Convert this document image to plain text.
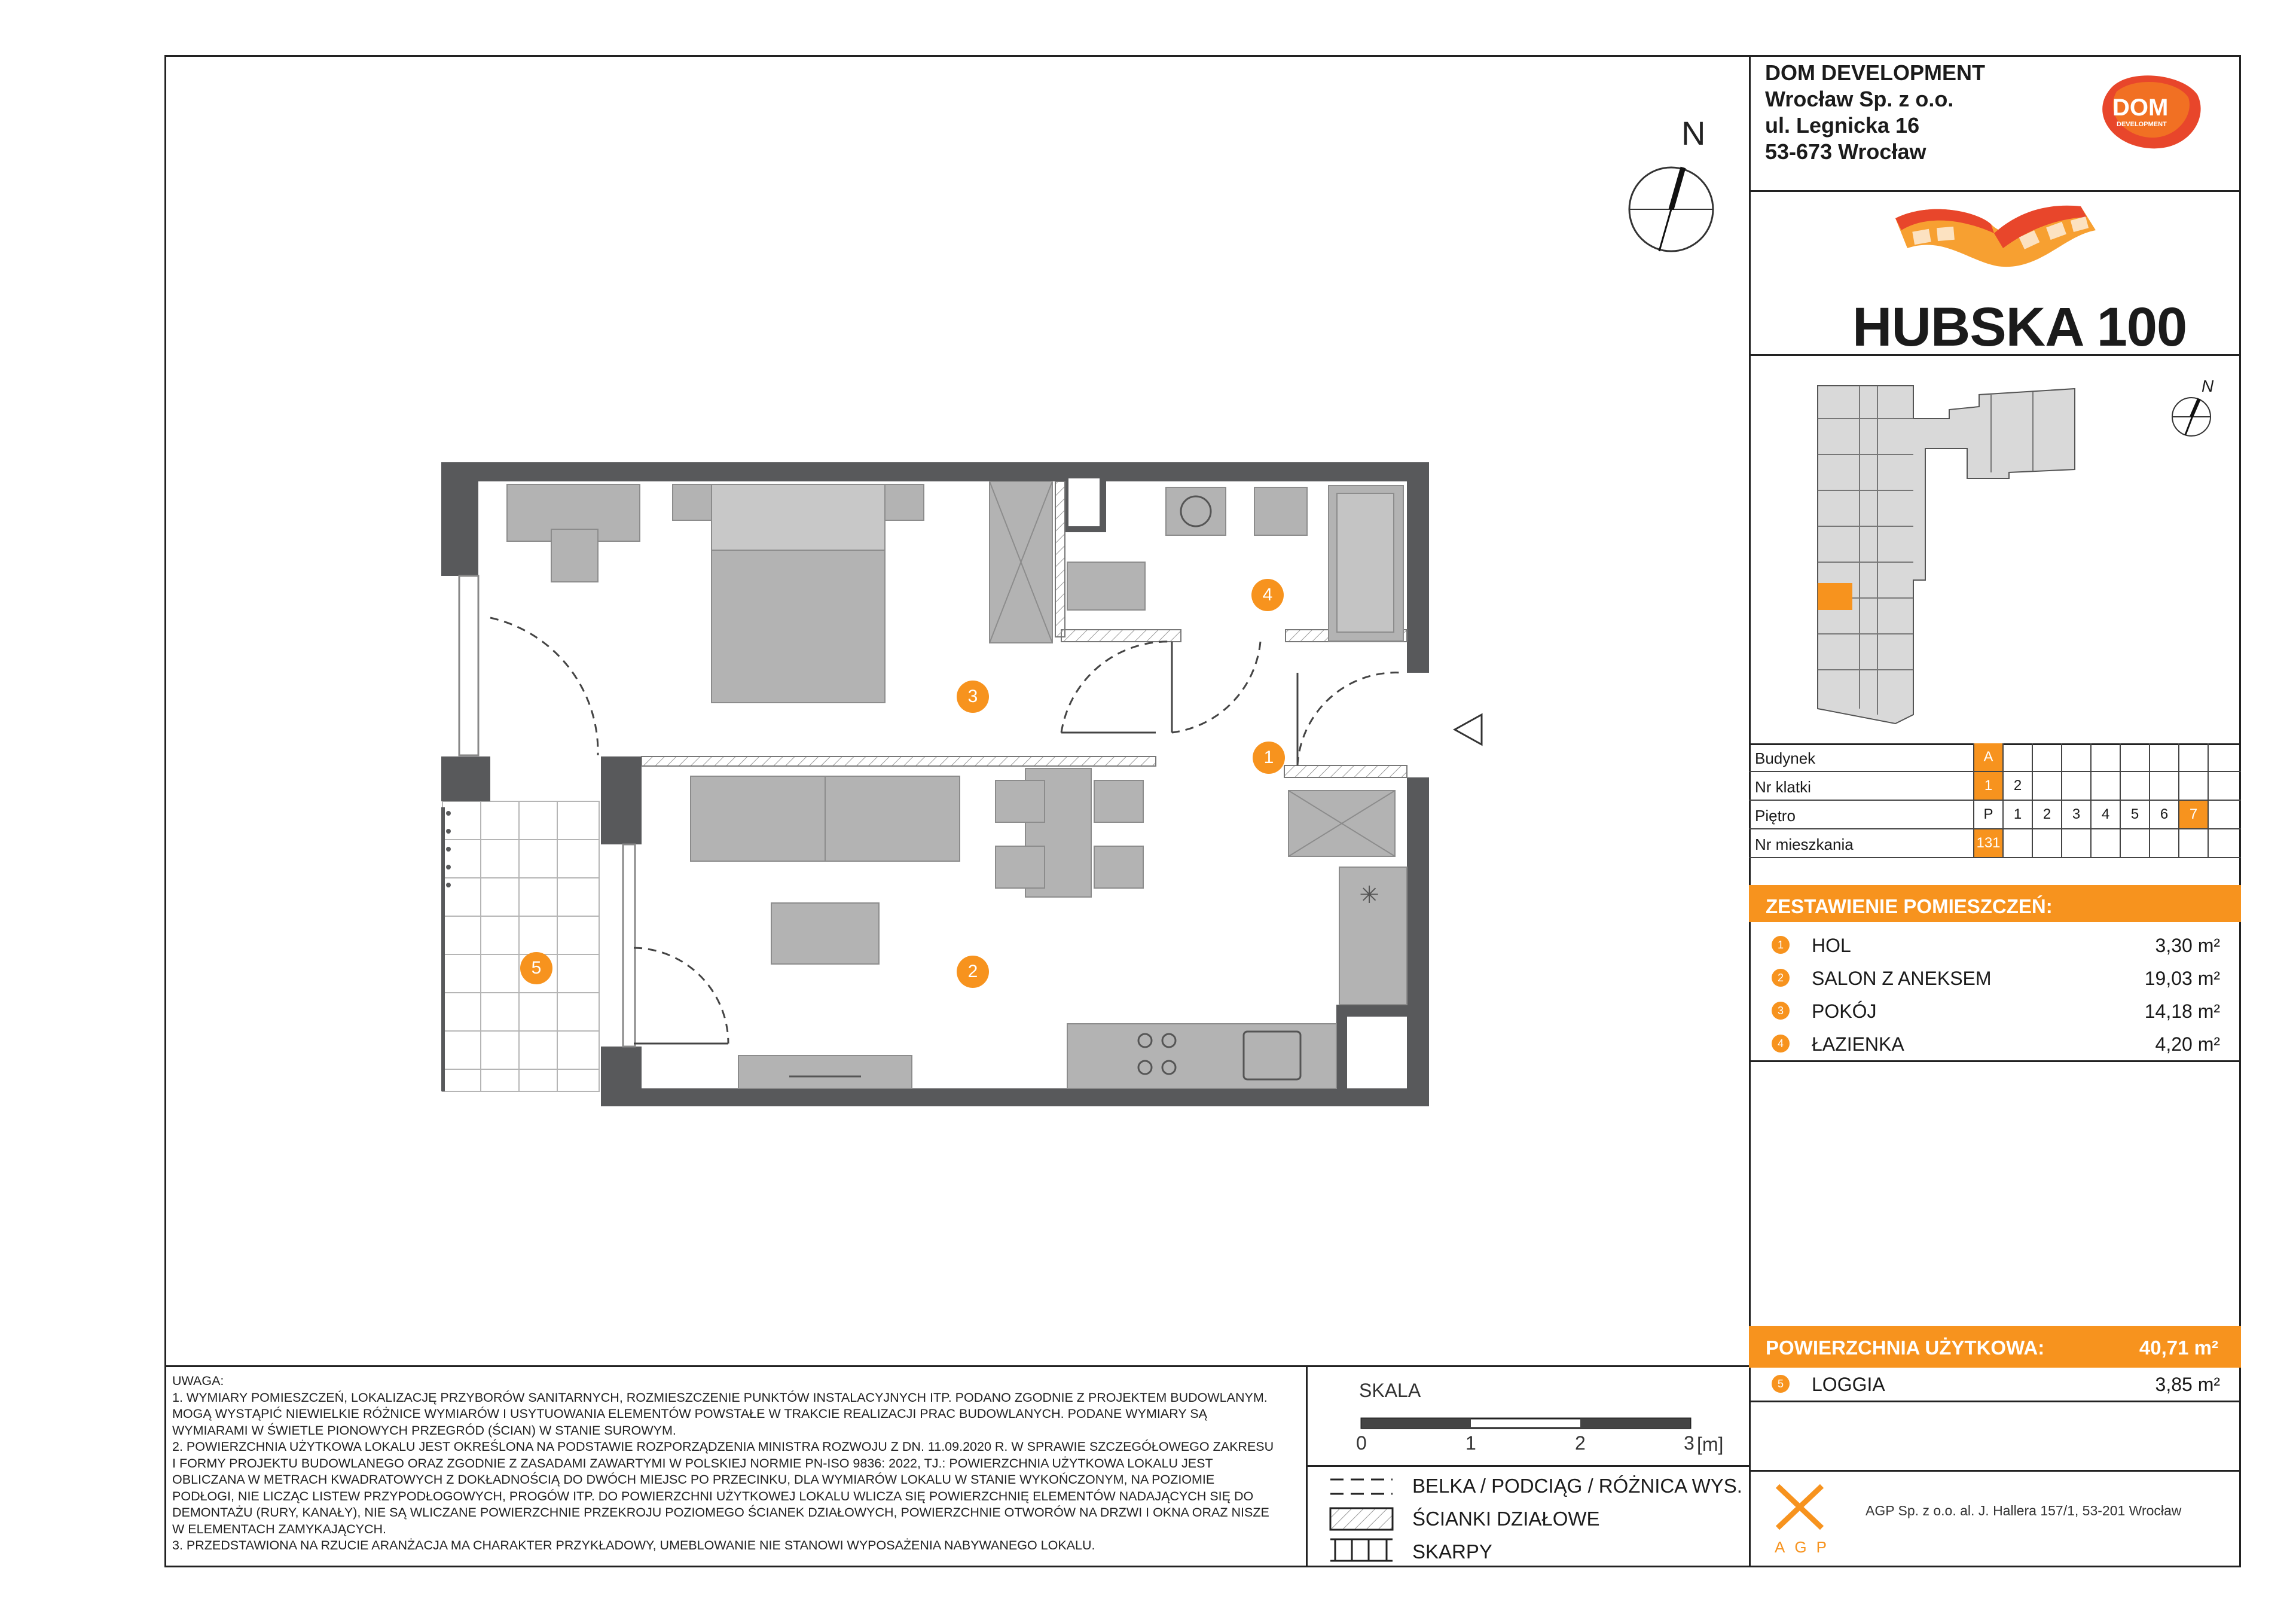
✳
1
2
3
4
5
N
DOM DEVELOPMENT
Wrocław Sp. z o.o.
ul. Legnicka 16
53-673 Wrocław
DOM
DEVELOPMENT
HUBSKA 100
N
Budynek	A
Nr klatki	1	2
Piętro	P	1	2	3	4	5	6	7
Nr mieszkania	131
ZESTAWIENIE POMIESZCZEŃ:
1	HOL	3,30 m²
2	SALON Z ANEKSEM	19,03 m²
3	POKÓJ	14,18 m²
4	ŁAZIENKA	4,20 m²
POWIERZCHNIA UŻYTKOWA:	40,71 m²
5	LOGGIA	3,85 m²
AGP
AGP Sp. z o.o. al. J. Hallera 157/1, 53-201 Wrocław
UWAGA:
1. WYMIARY POMIESZCZEŃ, LOKALIZACJĘ PRZYBORÓW SANITARNYCH, ROZMIESZCZENIE PUNKTÓW INSTALACYJNYCH ITP. PODANO ZGODNIE Z PROJEKTEM BUDOWLANYM.
MOGĄ WYSTĄPIĆ NIEWIELKIE RÓŻNICE WYMIARÓW I USYTUOWANIA ELEMENTÓW POWSTAŁE W TRAKCIE REALIZACJI PRAC BUDOWLANYCH. PODANE WYMIARY SĄ
WYMIARAMI W ŚWIETLE PIONOWYCH PRZEGRÓD (ŚCIAN) W STANIE SUROWYM.
2. POWIERZCHNIA UŻYTKOWA LOKALU JEST OKREŚLONA NA PODSTAWIE ROZPORZĄDZENIA MINISTRA ROZWOJU Z DN. 11.09.2020 R. W SPRAWIE SZCZEGÓŁOWEGO ZAKRESU
I FORMY PROJEKTU BUDOWLANEGO ORAZ ZGODNIE Z ZASADAMI ZAWARTYMI W POLSKIEJ NORMIE PN-ISO 9836: 2022, TJ.: POWIERZCHNIA UŻYTKOWA LOKALU JEST
OBLICZANA W METRACH KWADRATOWYCH Z DOKŁADNOŚCIĄ DO DWÓCH MIEJSC PO PRZECINKU, DLA WYMIARÓW LOKALU W STANIE WYKOŃCZONYM, NA POZIOMIE
PODŁOGI, NIE LICZĄC LISTEW PRZYPODŁOGOWYCH, PROGÓW ITP. DO POWIERZCHNI UŻYTKOWEJ LOKALU WLICZA SIĘ POWIERZCHNIĘ ELEMENTÓW NADAJĄCYCH SIĘ DO
DEMONTAŻU (RURY, KANAŁY), NIE SĄ WLICZANE POWIERZCHNIE PRZEKROJU POZIOMEGO ŚCIANEK DZIAŁOWYCH, POWIERZCHNIE OTWORÓW NA DRZWI I OKNA ORAZ NISZE
W ELEMENTACH ZAMYKAJĄCYCH.
3. PRZEDSTAWIONA NA RZUCIE ARANŻACJA MA CHARAKTER PRZYKŁADOWY, UMEBLOWANIE NIE STANOWI WYPOSAŻENIA NABYWANEGO LOKALU.
SKALA
0	1	2	3 [m]
BELKA / PODCIĄG / RÓŻNICA WYS.
ŚCIANKI DZIAŁOWE
SKARPY
